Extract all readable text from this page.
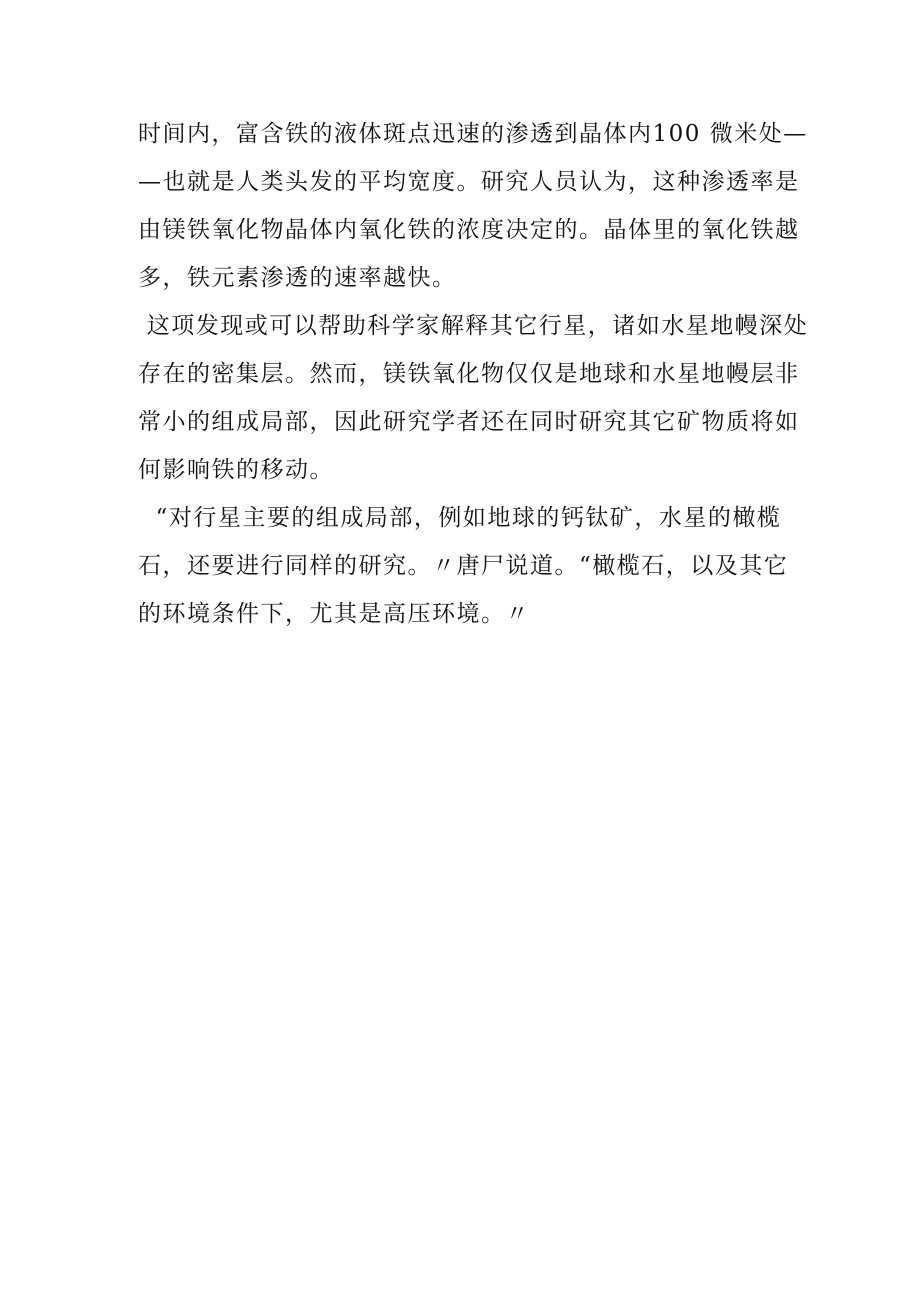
时间内，富含铁的液体斑点迅速的渗透到晶体内100 微米处—
—也就是人类头发的平均宽度。研究人员认为，这种渗透率是
由镁铁氧化物晶体内氧化铁的浓度决定的。晶体里的氧化铁越
多，铁元素渗透的速率越快。
这项发现或可以帮助科学家解释其它行星，诸如水星地幔深处
存在的密集层。然而，镁铁氧化物仅仅是地球和水星地幔层非
常小的组成局部，因此研究学者还在同时研究其它矿物质将如
何影响铁的移动。
“对行星主要的组成局部，例如地球的钙钛矿，水星的橄榄
石，还要进行同样的研究。〃唐尸说道。“橄榄石，以及其它
的环境条件下，尤其是高压环境。〃
